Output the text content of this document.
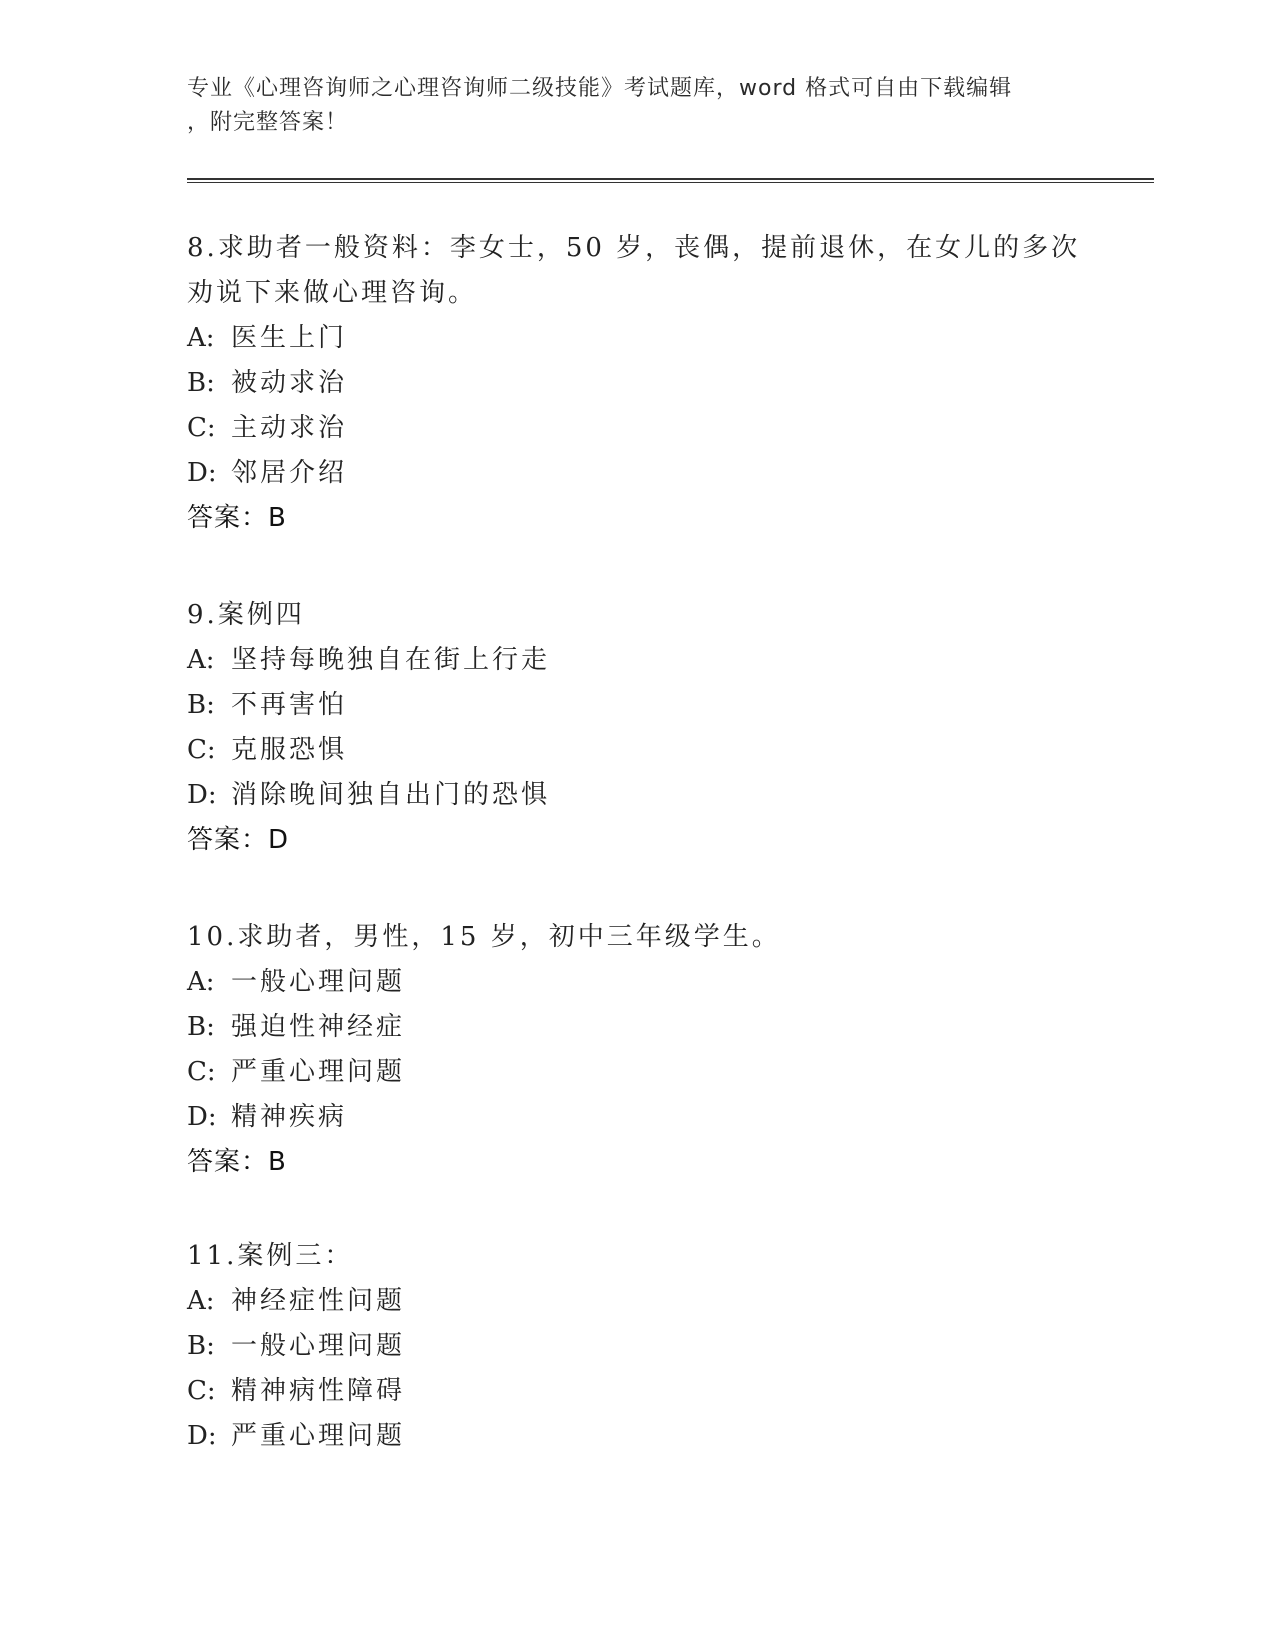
专业《心理咨询师之心理咨询师二级技能》考试题库，word 格式可自由下载编辑
，附完整答案！
8.求助者一般资料：李女士，50 岁，丧偶，提前退休，在女儿的多次
劝说下来做心理咨询。
A: 医生上门
B: 被动求治
C: 主动求治
D: 邻居介绍
答案：B
9.案例四
A: 坚持每晚独自在街上行走
B: 不再害怕
C: 克服恐惧
D: 消除晚间独自出门的恐惧
答案：D
10.求助者，男性，15 岁，初中三年级学生。
A: 一般心理问题
B: 强迫性神经症
C: 严重心理问题
D: 精神疾病
答案：B
11.案例三：
A: 神经症性问题
B: 一般心理问题
C: 精神病性障碍
D: 严重心理问题
